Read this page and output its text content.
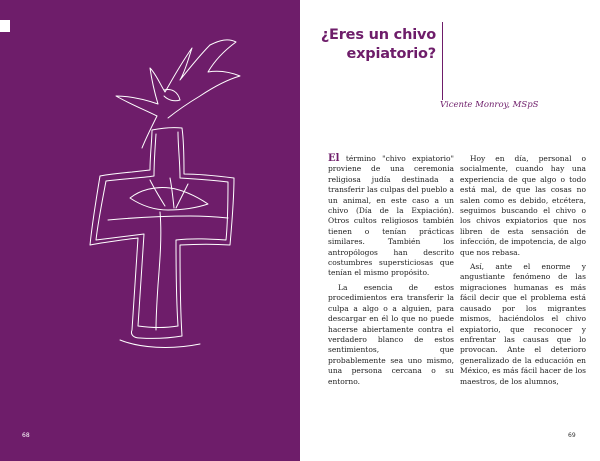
68
¿Eres un chivo expiatorio?
Vicente Monroy, MSpS

El término "chivo expiatorio" proviene de una ceremonia religiosa judía destinada a transferir las culpas del pueblo a un animal, en este caso a un chivo (Día de la Expiación). Otros cultos religiosos también tienen o tenían prácticas similares. También los antropólogos han descrito costumbres supersticiosas que tenían el mismo propósito.

La esencia de estos procedimientos era transferir la culpa a algo o a alguien, para descargar en él lo que no puede hacerse abiertamente contra el verdadero blanco de estos sentimientos, que probablemente sea uno mismo, una persona cercana o su entorno.

Hoy en día, personal o socialmente, cuando hay una experiencia de que algo o todo está mal, de que las cosas no salen como es debido, etcétera, seguimos buscando el chivo o los chivos expiatorios que nos libren de esta sensación de infección, de impotencia, de algo que nos rebasa.

Así, ante el enorme y angustiante fenómeno de las migraciones humanas es más fácil decir que el problema está causado por los migrantes mismos, haciéndolos el chivo expiatorio, que reconocer y enfrentar las causas que lo provocan. Ante el deterioro generalizado de la educación en México, es más fácil hacer de los maestros, de los alumnos,

69
